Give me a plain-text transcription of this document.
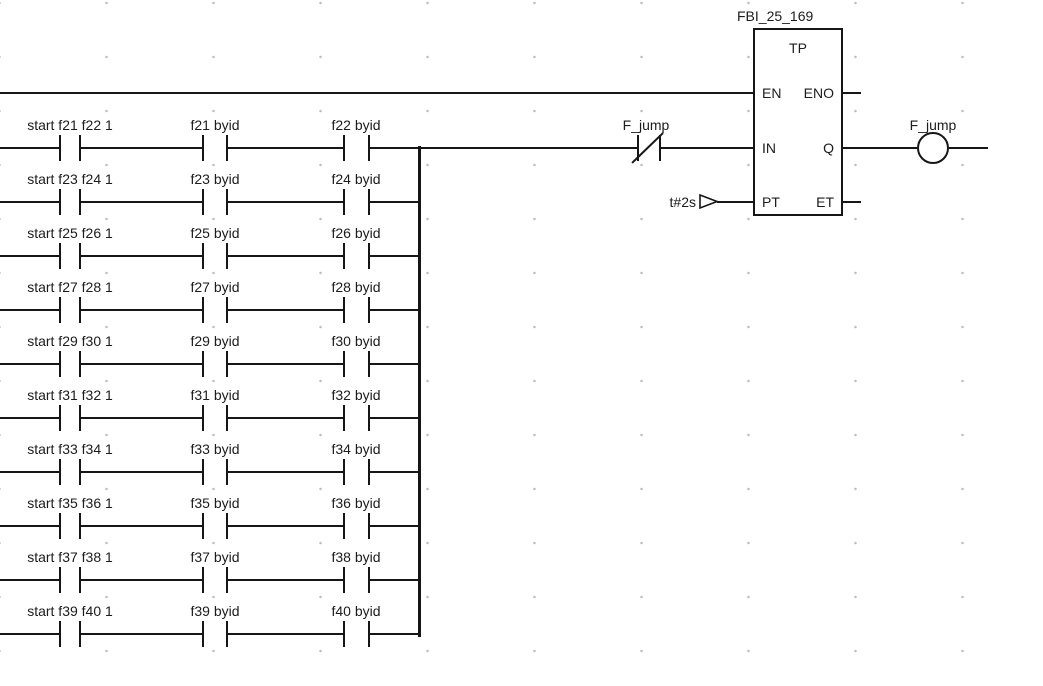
F_jump
FBI_25_169
TP
EN ENO
IN	Q
PT	ET
t#2s
F_jump
start f21 f22 1	f21 byid	f22 byid
start f23 f24 1	f23 byid	f24 byid
start f25 f26 1	f25 byid	f26 byid
start f27 f28 1	f27 byid	f28 byid
start f29 f30 1	f29 byid	f30 byid
start f31 f32 1	f31 byid	f32 byid
start f33 f34 1	f33 byid	f34 byid
start f35 f36 1	f35 byid	f36 byid
start f37 f38 1	f37 byid	f38 byid
start f39 f40 1	f39 byid	f40 byid
